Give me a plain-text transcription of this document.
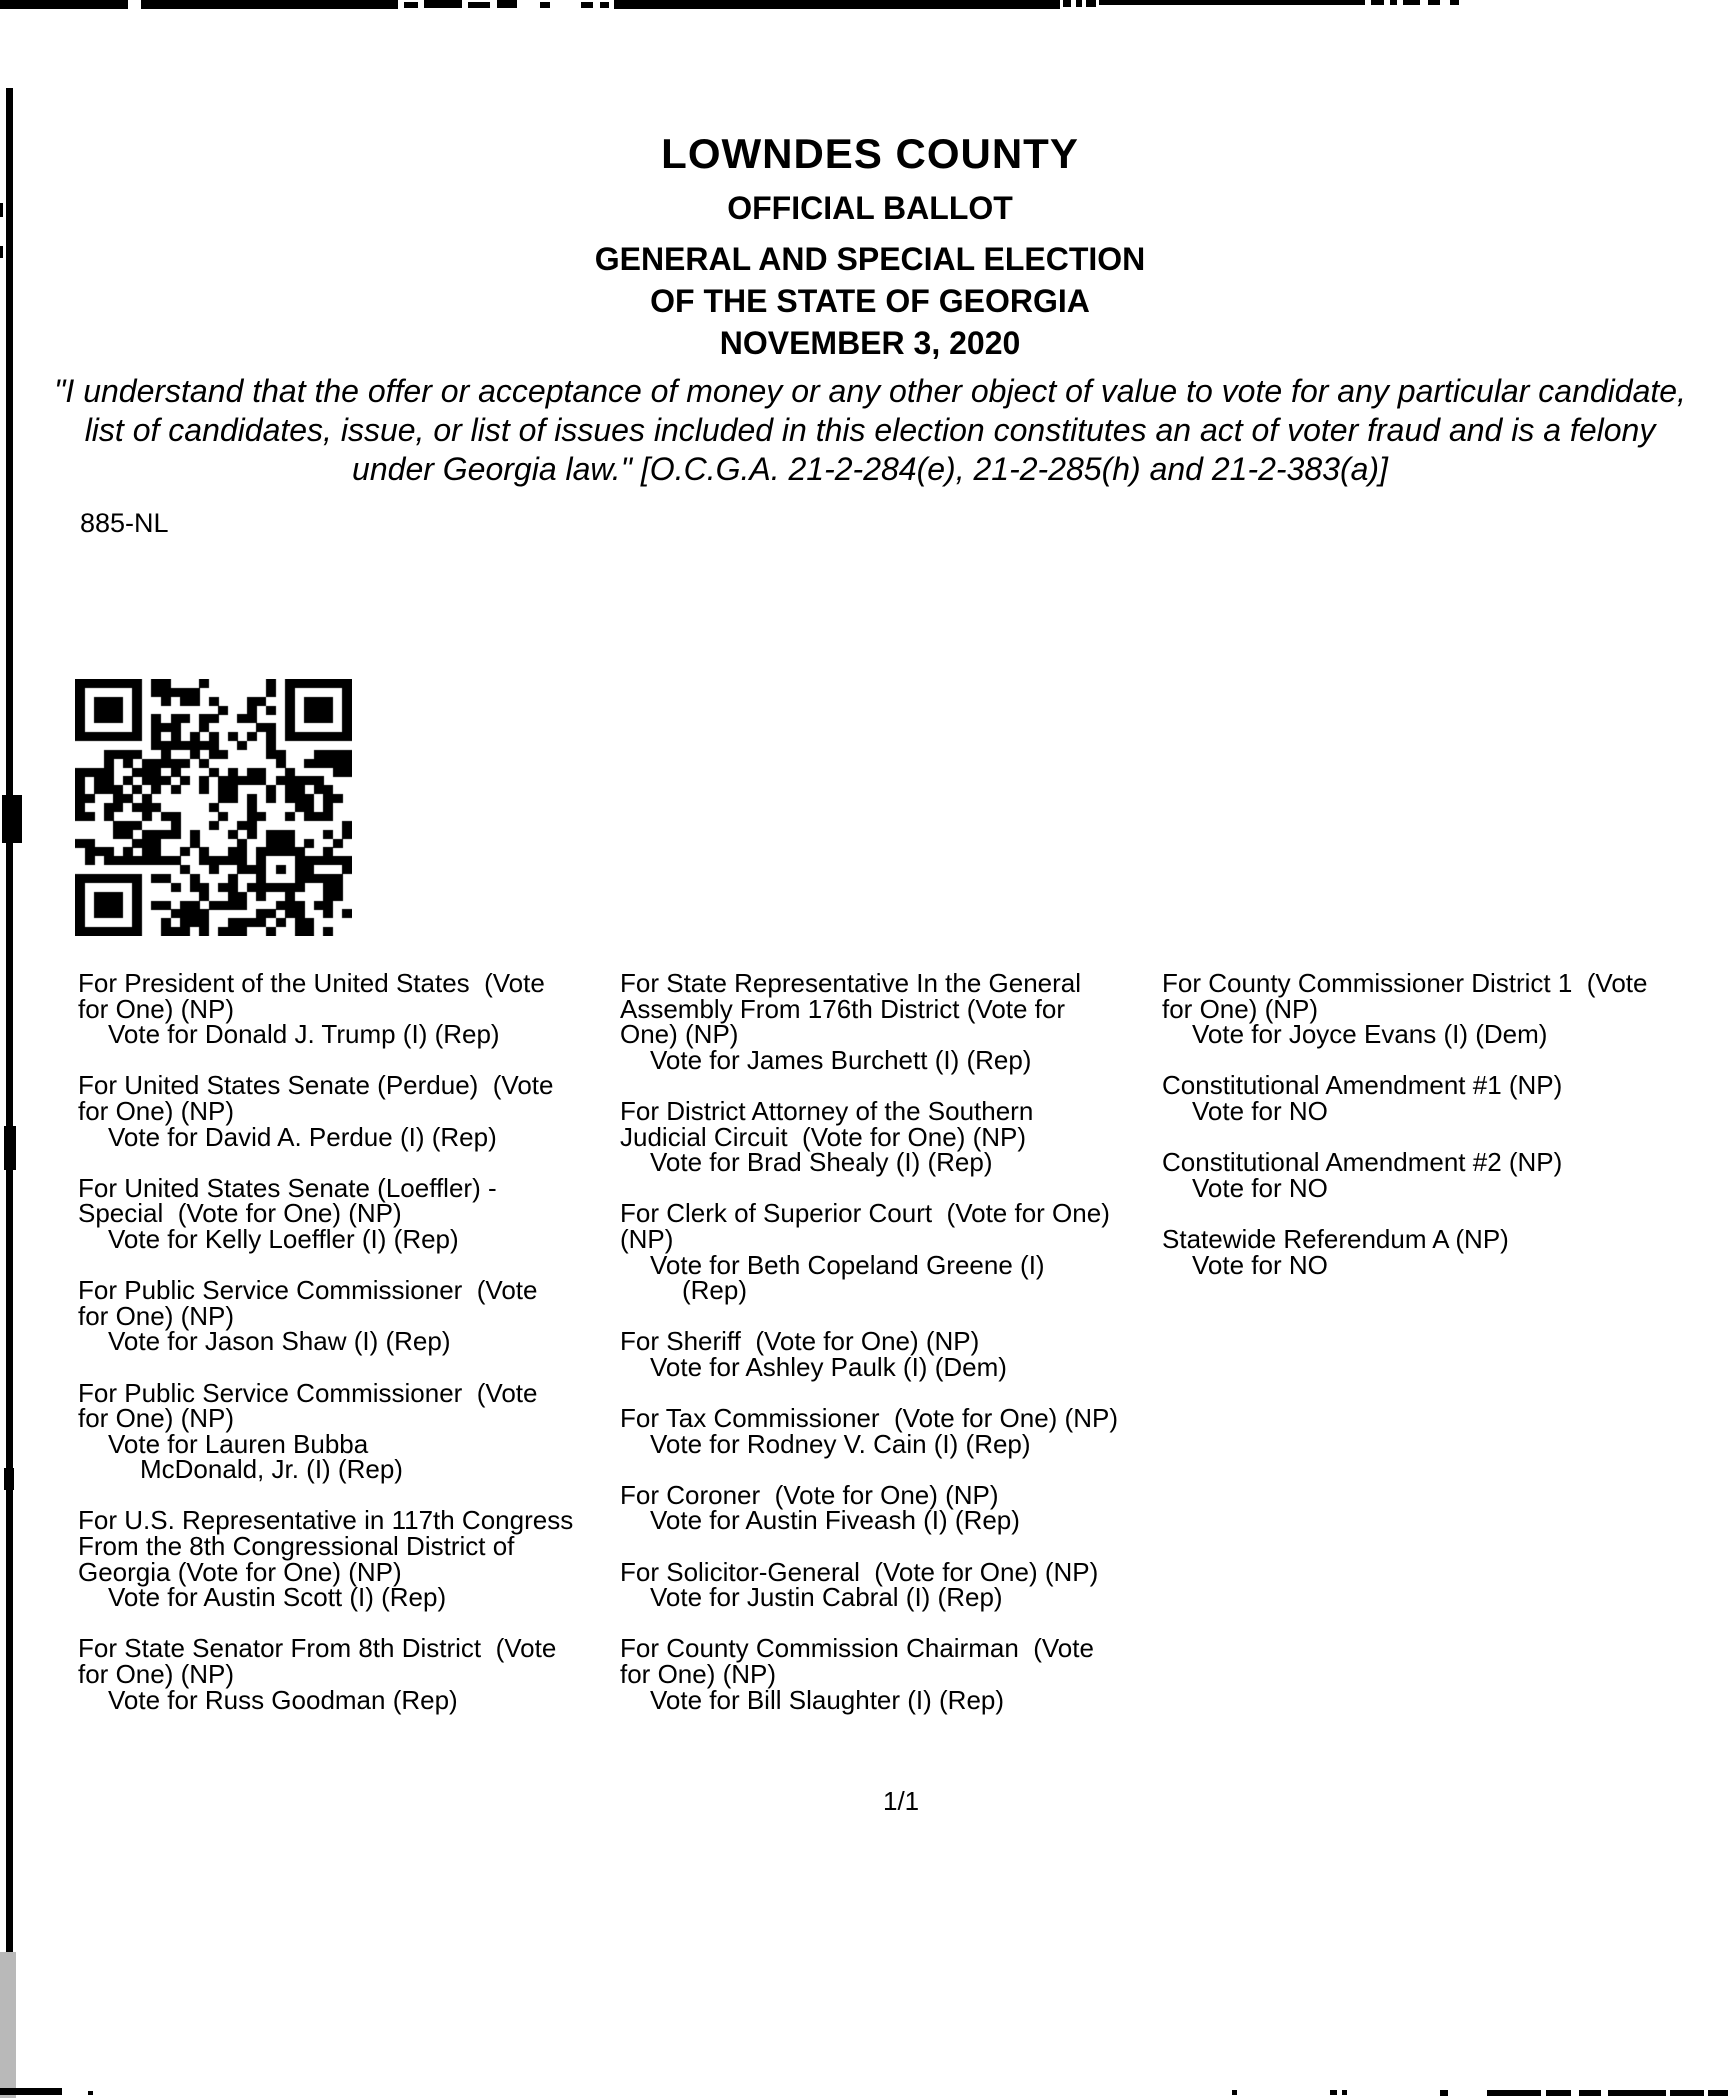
LOWNDES COUNTY
OFFICIAL BALLOT
GENERAL AND SPECIAL ELECTION
OF THE STATE OF GEORGIA
NOVEMBER 3, 2020
"I understand that the offer or acceptance of money or any other object of value to vote for any particular candidate,
list of candidates, issue, or list of issues included in this election constitutes an act of voter fraud and is a felony
under Georgia law." [O.C.G.A. 21-2-284(e), 21-2-285(h) and 21-2-383(a)]
885-NL
For President of the United States  (Vote
for One) (NP)
Vote for Donald J. Trump (I) (Rep)
For United States Senate (Perdue)  (Vote
for One) (NP)
Vote for David A. Perdue (I) (Rep)
For United States Senate (Loeffler) -
Special  (Vote for One) (NP)
Vote for Kelly Loeffler (I) (Rep)
For Public Service Commissioner  (Vote
for One) (NP)
Vote for Jason Shaw (I) (Rep)
For Public Service Commissioner  (Vote
for One) (NP)
Vote for Lauren Bubba
McDonald, Jr. (I) (Rep)
For U.S. Representative in 117th Congress
From the 8th Congressional District of
Georgia (Vote for One) (NP)
Vote for Austin Scott (I) (Rep)
For State Senator From 8th District  (Vote
for One) (NP)
Vote for Russ Goodman (Rep)
For State Representative In the General
Assembly From 176th District (Vote for
One) (NP)
Vote for James Burchett (I) (Rep)
For District Attorney of the Southern
Judicial Circuit  (Vote for One) (NP)
Vote for Brad Shealy (I) (Rep)
For Clerk of Superior Court  (Vote for One)
(NP)
Vote for Beth Copeland Greene (I)
(Rep)
For Sheriff  (Vote for One) (NP)
Vote for Ashley Paulk (I) (Dem)
For Tax Commissioner  (Vote for One) (NP)
Vote for Rodney V. Cain (I) (Rep)
For Coroner  (Vote for One) (NP)
Vote for Austin Fiveash (I) (Rep)
For Solicitor-General  (Vote for One) (NP)
Vote for Justin Cabral (I) (Rep)
For County Commission Chairman  (Vote
for One) (NP)
Vote for Bill Slaughter (I) (Rep)
For County Commissioner District 1  (Vote
for One) (NP)
Vote for Joyce Evans (I) (Dem)
Constitutional Amendment #1 (NP)
Vote for NO
Constitutional Amendment #2 (NP)
Vote for NO
Statewide Referendum A (NP)
Vote for NO
1/1
